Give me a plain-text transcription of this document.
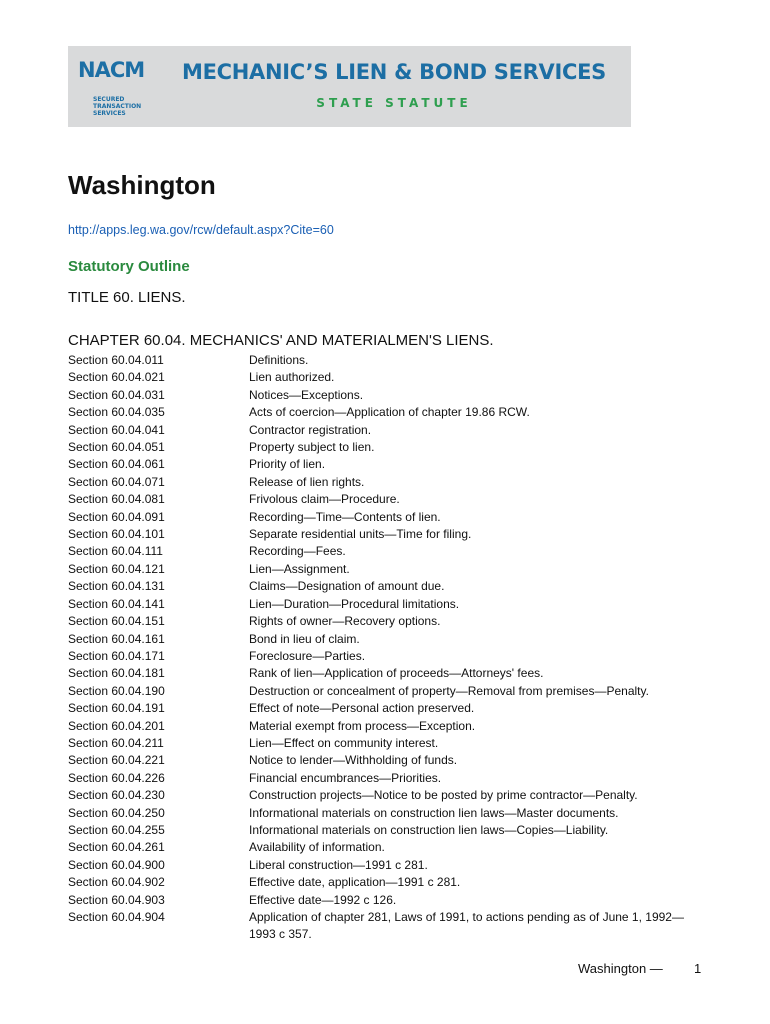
NACM
SECURED TRANSACTION SERVICES
MECHANIC’S LIEN & BOND SERVICES
STATE STATUTE
Washington
http://apps.leg.wa.gov/rcw/default.aspx?Cite=60
Statutory Outline
TITLE 60. LIENS.
CHAPTER 60.04. MECHANICS' AND MATERIALMEN'S LIENS.
Section 60.04.011	Definitions.
Section 60.04.021	Lien authorized.
Section 60.04.031	Notices—Exceptions.
Section 60.04.035	Acts of coercion—Application of chapter 19.86 RCW.
Section 60.04.041	Contractor registration.
Section 60.04.051	Property subject to lien.
Section 60.04.061	Priority of lien.
Section 60.04.071	Release of lien rights.
Section 60.04.081	Frivolous claim—Procedure.
Section 60.04.091	Recording—Time—Contents of lien.
Section 60.04.101	Separate residential units—Time for filing.
Section 60.04.111	Recording—Fees.
Section 60.04.121	Lien—Assignment.
Section 60.04.131	Claims—Designation of amount due.
Section 60.04.141	Lien—Duration—Procedural limitations.
Section 60.04.151	Rights of owner—Recovery options.
Section 60.04.161	Bond in lieu of claim.
Section 60.04.171	Foreclosure—Parties.
Section 60.04.181	Rank of lien—Application of proceeds—Attorneys' fees.
Section 60.04.190	Destruction or concealment of property—Removal from premises—Penalty.
Section 60.04.191	Effect of note—Personal action preserved.
Section 60.04.201	Material exempt from process—Exception.
Section 60.04.211	Lien—Effect on community interest.
Section 60.04.221	Notice to lender—Withholding of funds.
Section 60.04.226	Financial encumbrances—Priorities.
Section 60.04.230	Construction projects—Notice to be posted by prime contractor—Penalty.
Section 60.04.250	Informational materials on construction lien laws—Master documents.
Section 60.04.255	Informational materials on construction lien laws—Copies—Liability.
Section 60.04.261	Availability of information.
Section 60.04.900	Liberal construction—1991 c 281.
Section 60.04.902	Effective date, application—1991 c 281.
Section 60.04.903	Effective date—1992 c 126.
Section 60.04.904	Application of chapter 281, Laws of 1991, to actions pending as of June 1, 1992—1993 c 357.
Washington — 1
